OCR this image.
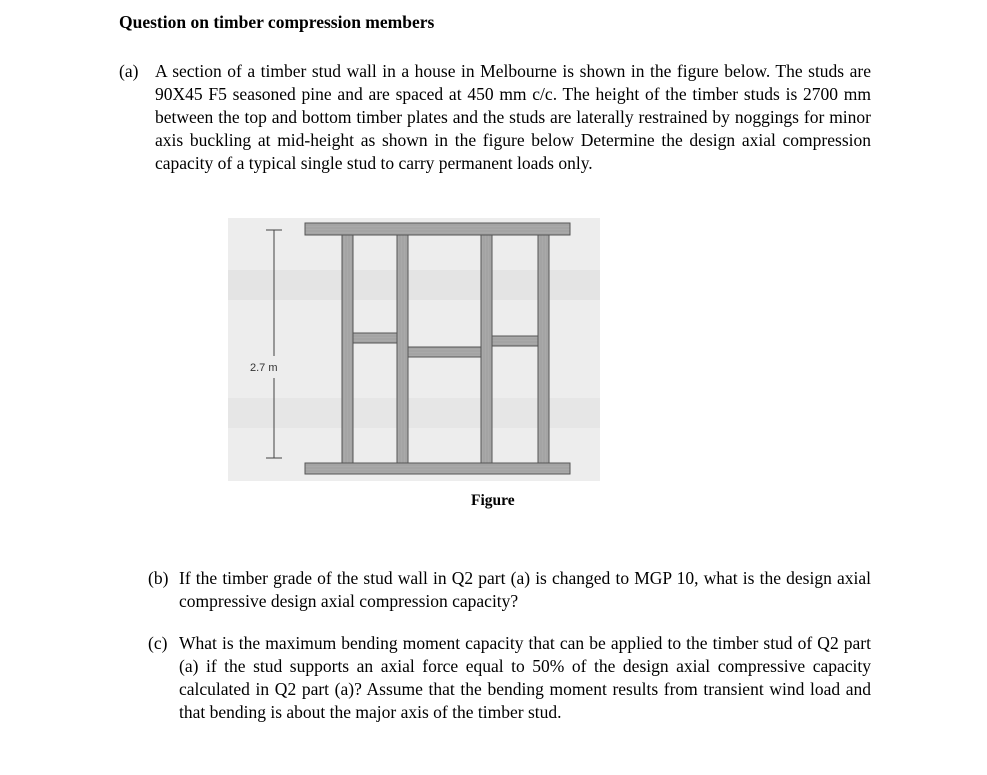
Question on timber compression members
(a) A section of a timber stud wall in a house in Melbourne is shown in the figure below. The studs are 90X45 F5 seasoned pine and are spaced at 450 mm c/c. The height of the timber studs is 2700 mm between the top and bottom timber plates and the studs are laterally restrained by noggings for minor axis buckling at mid-height as shown in the figure below Determine the design axial compression capacity of a typical single stud to carry permanent loads only.
2.7 m
Figure
(b) If the timber grade of the stud wall in Q2 part (a) is changed to MGP 10, what is the design axial compressive design axial compression capacity?
(c) What is the maximum bending moment capacity that can be applied to the timber stud of Q2 part (a) if the stud supports an axial force equal to 50% of the design axial compressive capacity calculated in Q2 part (a)? Assume that the bending moment results from transient wind load and that bending is about the major axis of the timber stud.
